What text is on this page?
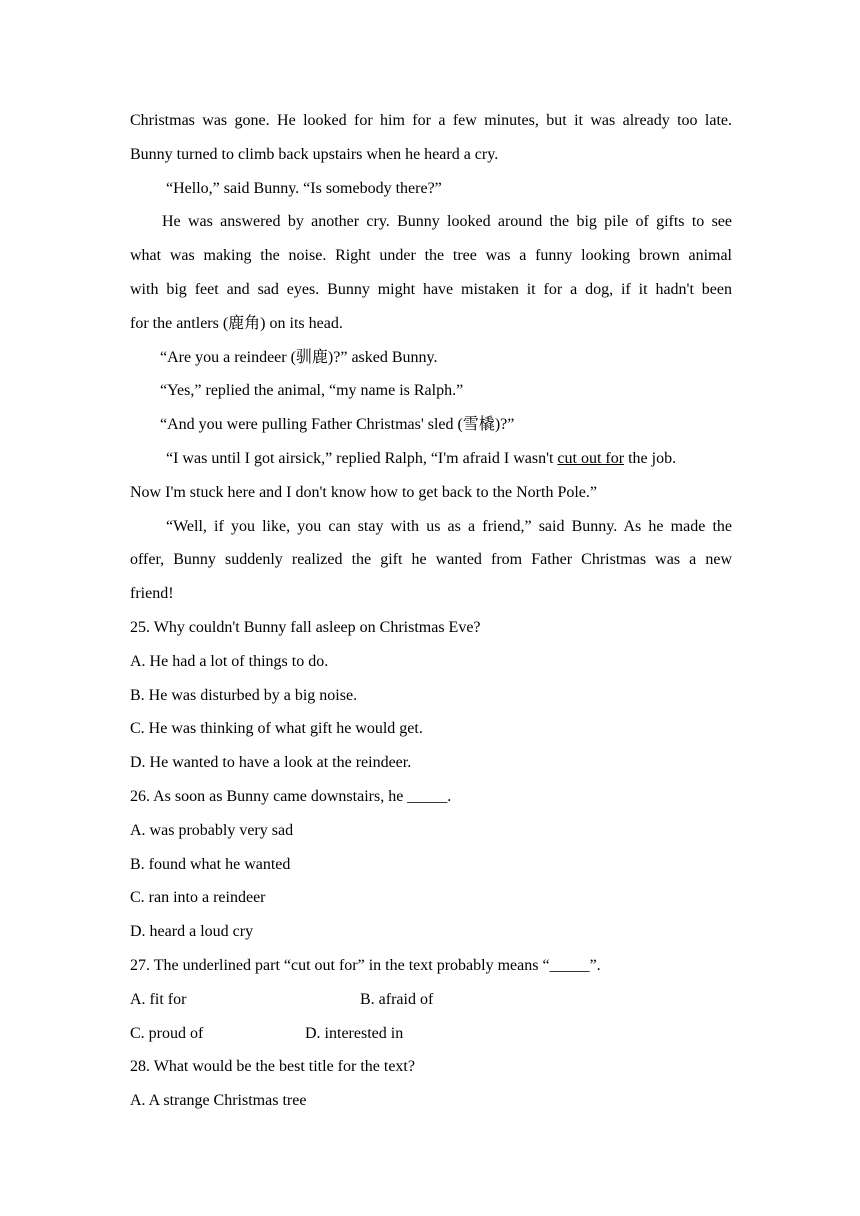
Christmas was gone. He looked for him for a few minutes, but it was already too late.
Bunny turned to climb back upstairs when he heard a cry.
“Hello,” said Bunny. “Is somebody there?”
He was answered by another cry. Bunny looked around the big pile of gifts to see
what was making the noise. Right under the tree was a funny looking brown animal
with big feet and sad eyes. Bunny might have mistaken it for a dog, if it hadn't been
for the antlers (鹿角) on its head.
“Are you a reindeer (驯鹿)?” asked Bunny.
“Yes,” replied the animal, “my name is Ralph.”
“And you were pulling Father Christmas' sled (雪橇)?”
“I was until I got airsick,” replied Ralph, “I'm afraid I wasn't cut out for the job.
Now I'm stuck here and I don't know how to get back to the North Pole.”
“Well, if you like, you can stay with us as a friend,” said Bunny. As he made the
offer, Bunny suddenly realized the gift he wanted from Father Christmas was a new
friend!
25. Why couldn't Bunny fall asleep on Christmas Eve?
A. He had a lot of things to do.
B. He was disturbed by a big noise.
C. He was thinking of what gift he would get.
D. He wanted to have a look at the reindeer.
26. As soon as Bunny came downstairs, he _____.
A. was probably very sad
B. found what he wanted
C. ran into a reindeer
D. heard a loud cry
27. The underlined part “cut out for” in the text probably means “_____”.
A. fit for	B. afraid of
C. proud of	D. interested in
28. What would be the best title for the text?
A. A strange Christmas tree
